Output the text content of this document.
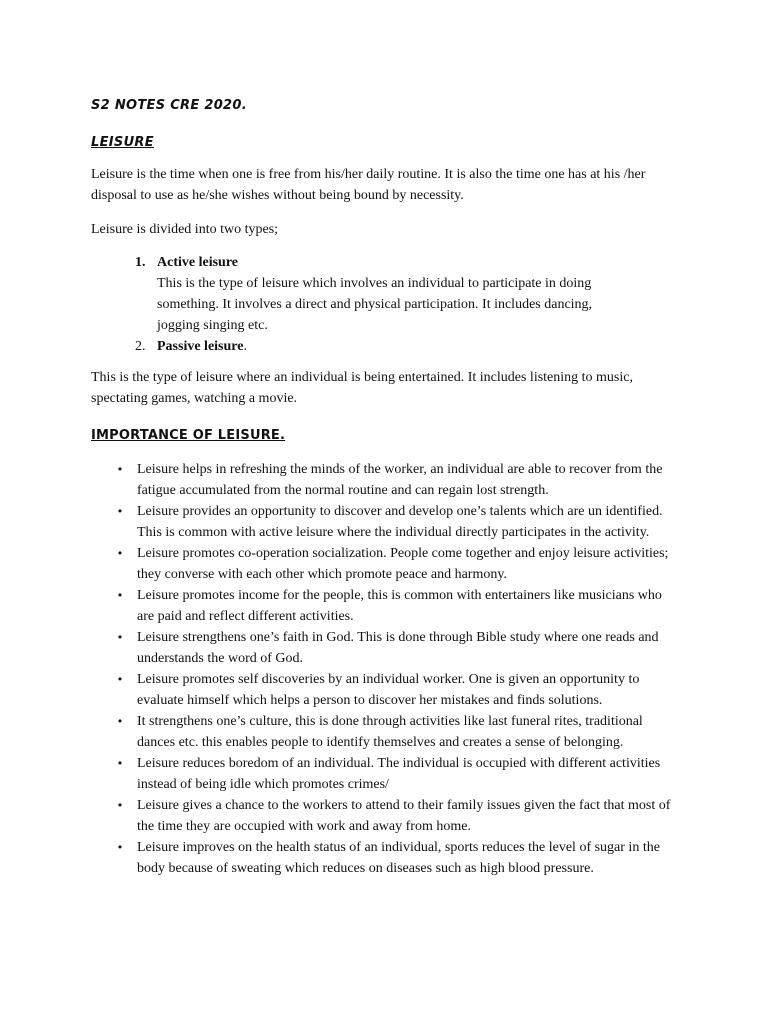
S2 NOTES CRE 2020.
LEISURE

Leisure is the time when one is free from his/her daily routine. It is also the time one has at his /her disposal to use as he/she wishes without being bound by necessity.

Leisure is divided into two types;

1. Active leisure
This is the type of leisure which involves an individual to participate in doing something. It involves a direct and physical participation. It includes dancing, jogging singing etc.
2. Passive leisure.

This is the type of leisure where an individual is being entertained. It includes listening to music, spectating games, watching a movie.

IMPORTANCE OF LEISURE.
• Leisure helps in refreshing the minds of the worker, an individual are able to recover from the fatigue accumulated from the normal routine and can regain lost strength.
• Leisure provides an opportunity to discover and develop one’s talents which are un identified. This is common with active leisure where the individual directly participates in the activity.
• Leisure promotes co-operation socialization. People come together and enjoy leisure activities; they converse with each other which promote peace and harmony.
• Leisure promotes income for the people, this is common with entertainers like musicians who are paid and reflect different activities.
• Leisure strengthens one’s faith in God. This is done through Bible study where one reads and understands the word of God.
• Leisure promotes self discoveries by an individual worker. One is given an opportunity to evaluate himself which helps a person to discover her mistakes and finds solutions.
• It strengthens one’s culture, this is done through activities like last funeral rites, traditional dances etc. this enables people to identify themselves and creates a sense of belonging.
• Leisure reduces boredom of an individual. The individual is occupied with different activities instead of being idle which promotes crimes/
• Leisure gives a chance to the workers to attend to their family issues given the fact that most of the time they are occupied with work and away from home.
• Leisure improves on the health status of an individual, sports reduces the level of sugar in the body because of sweating which reduces on diseases such as high blood pressure.
